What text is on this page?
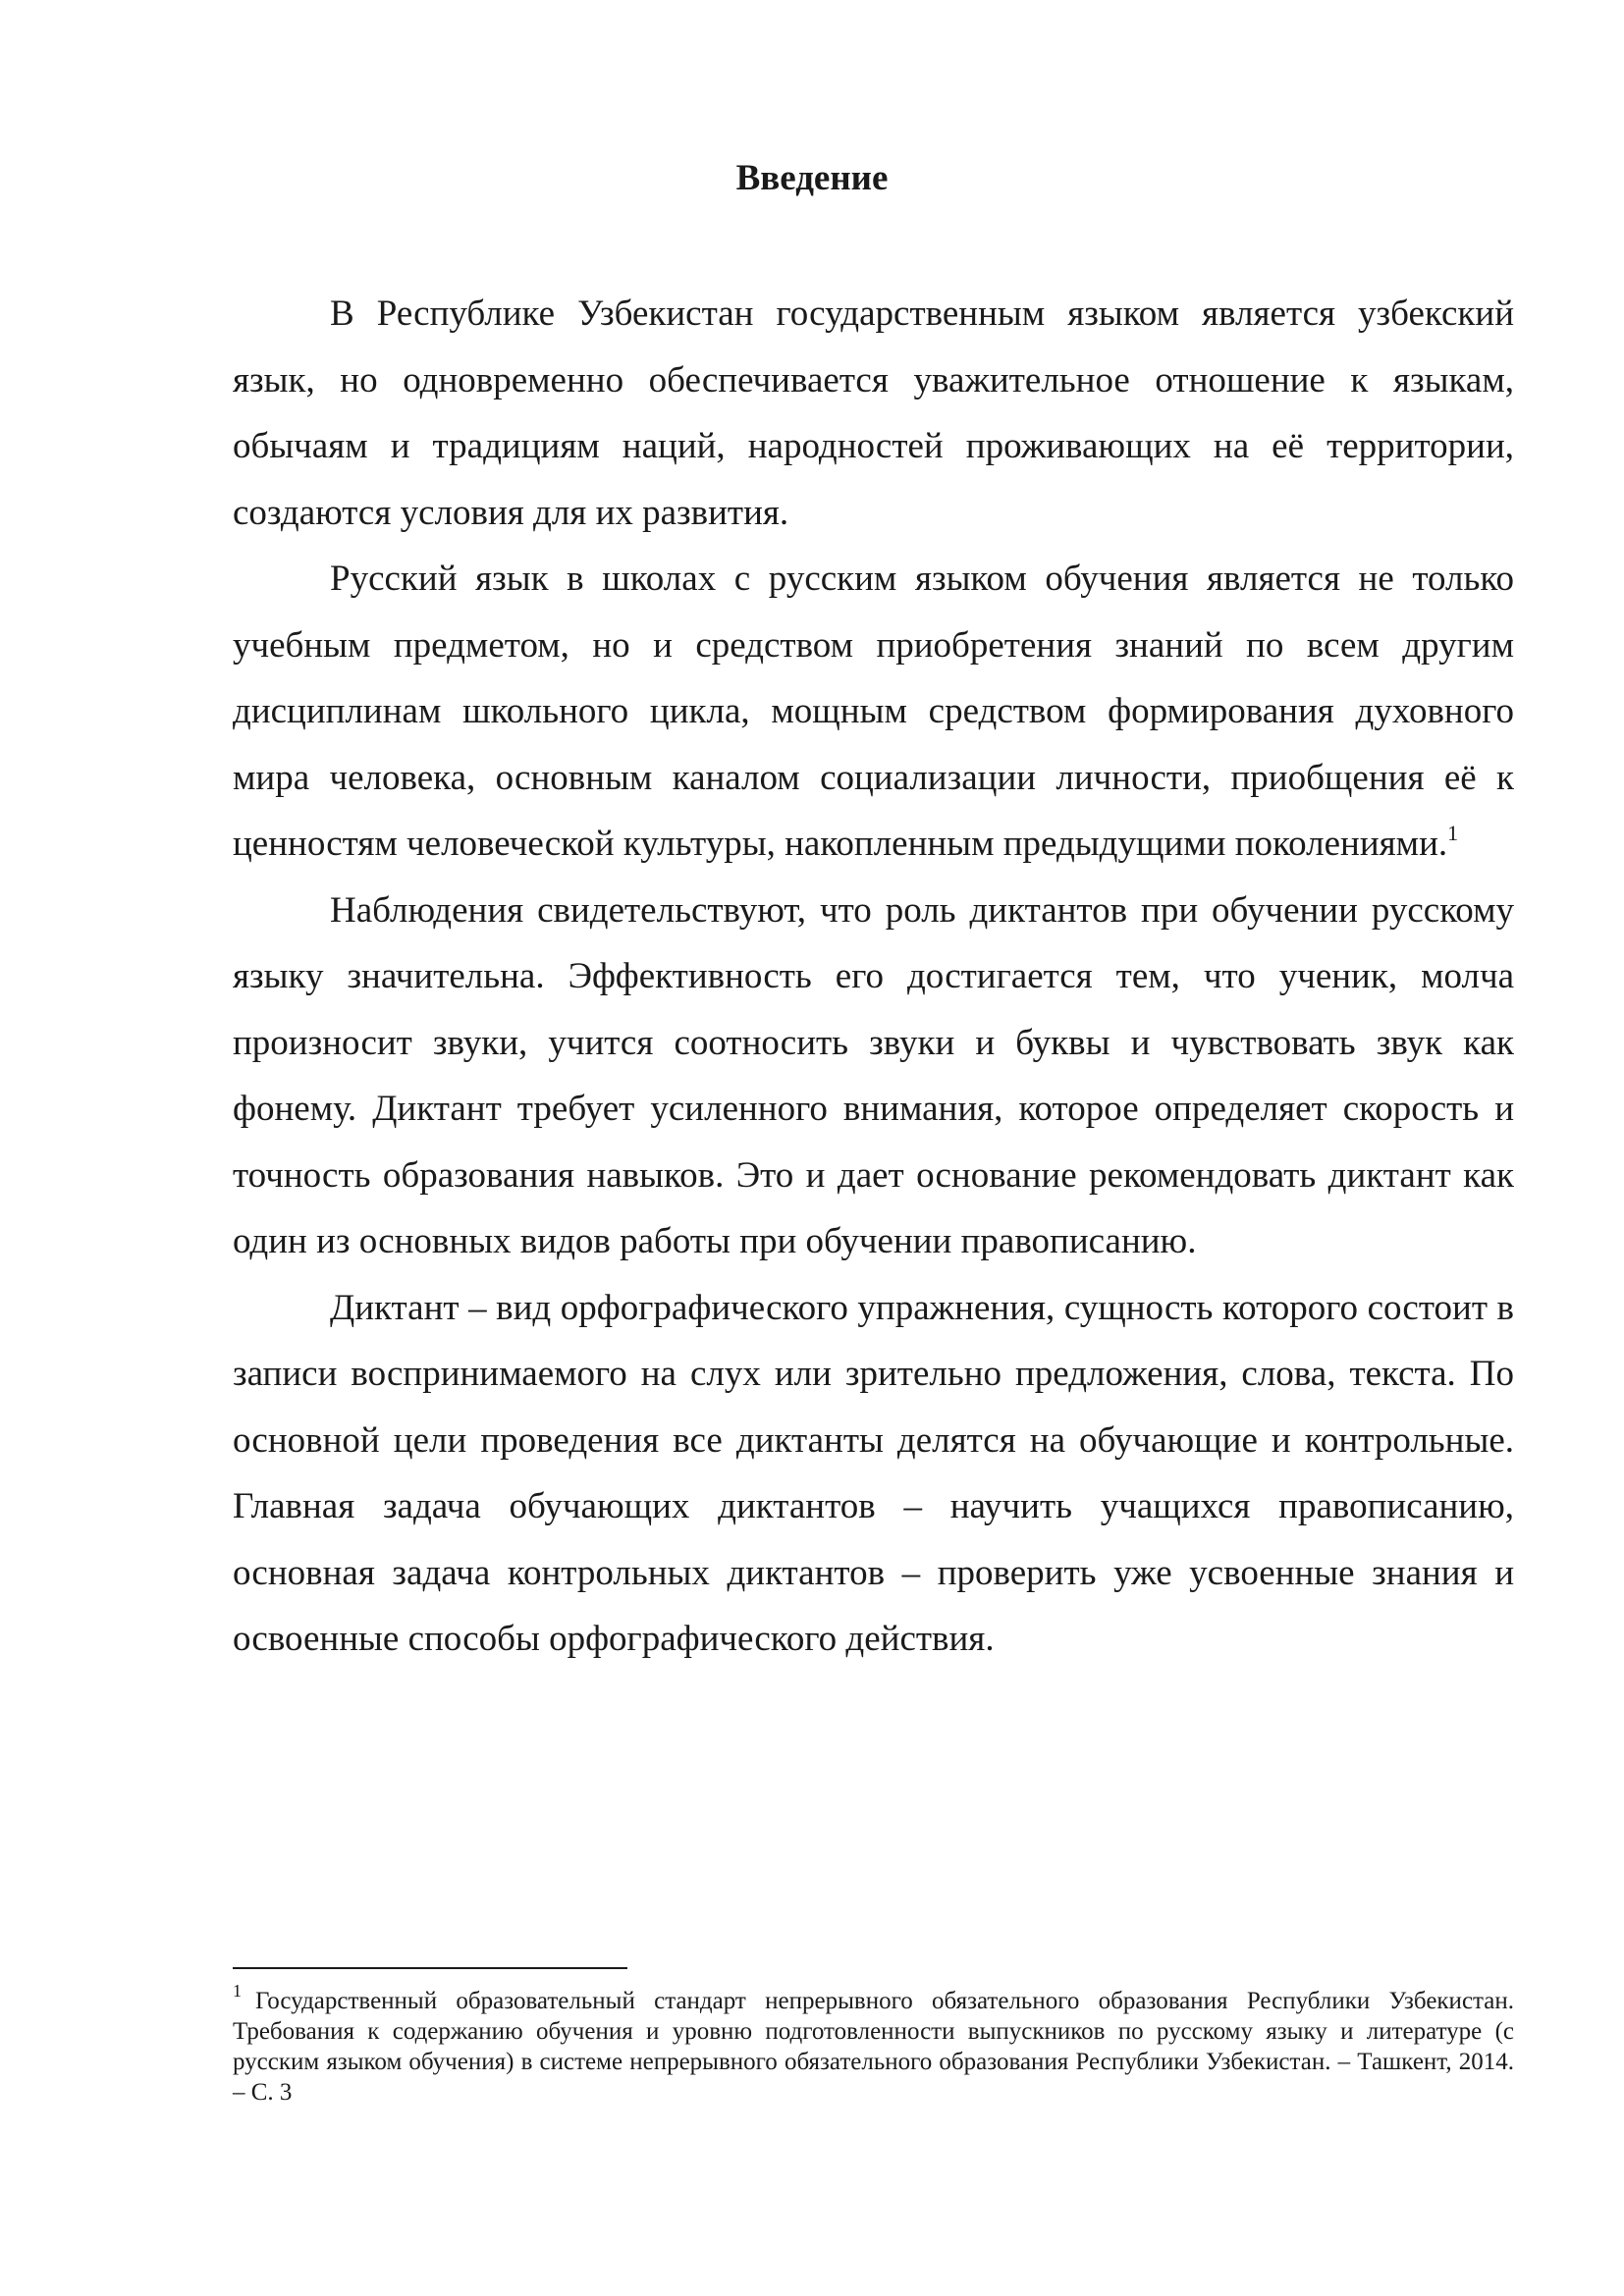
Введение

В Республике Узбекистан государственным языком является узбекский язык, но одновременно обеспечивается уважительное отношение к языкам, обычаям и традициям наций, народностей проживающих на её территории, создаются условия для их развития.

Русский язык в школах с русским языком обучения является не только учебным предметом, но и средством приобретения знаний по всем другим дисциплинам школьного цикла, мощным средством формирования духовного мира человека, основным каналом социализации личности, приобщения её к ценностям человеческой культуры, накопленным предыдущими поколениями.$^1$

Наблюдения свидетельствуют, что роль диктантов при обучении русскому языку значительна. Эффективность его достигается тем, что ученик, молча произносит звуки, учится соотносить звуки и буквы и чувствовать звук как фонему. Диктант требует усиленного внимания, которое определяет скорость и точность образования навыков. Это и дает основание рекомендовать диктант как один из основных видов работы при обучении правописанию.

Диктант – вид орфографического упражнения, сущность которого состоит в записи воспринимаемого на слух или зрительно предложения, слова, текста. По основной цели проведения все диктанты делятся на обучающие и контрольные. Главная задача обучающих диктантов – научить учащихся правописанию, основная задача контрольных диктантов – проверить уже усвоенные знания и освоенные способы орфографического действия.

$^1$ Государственный образовательный стандарт непрерывного обязательного образования Республики Узбекистан. Требования к содержанию обучения и уровню подготовленности выпускников по русскому языку и литературе (с русским языком обучения) в системе непрерывного обязательного образования Республики Узбекистан. – Ташкент, 2014. – С. 3
